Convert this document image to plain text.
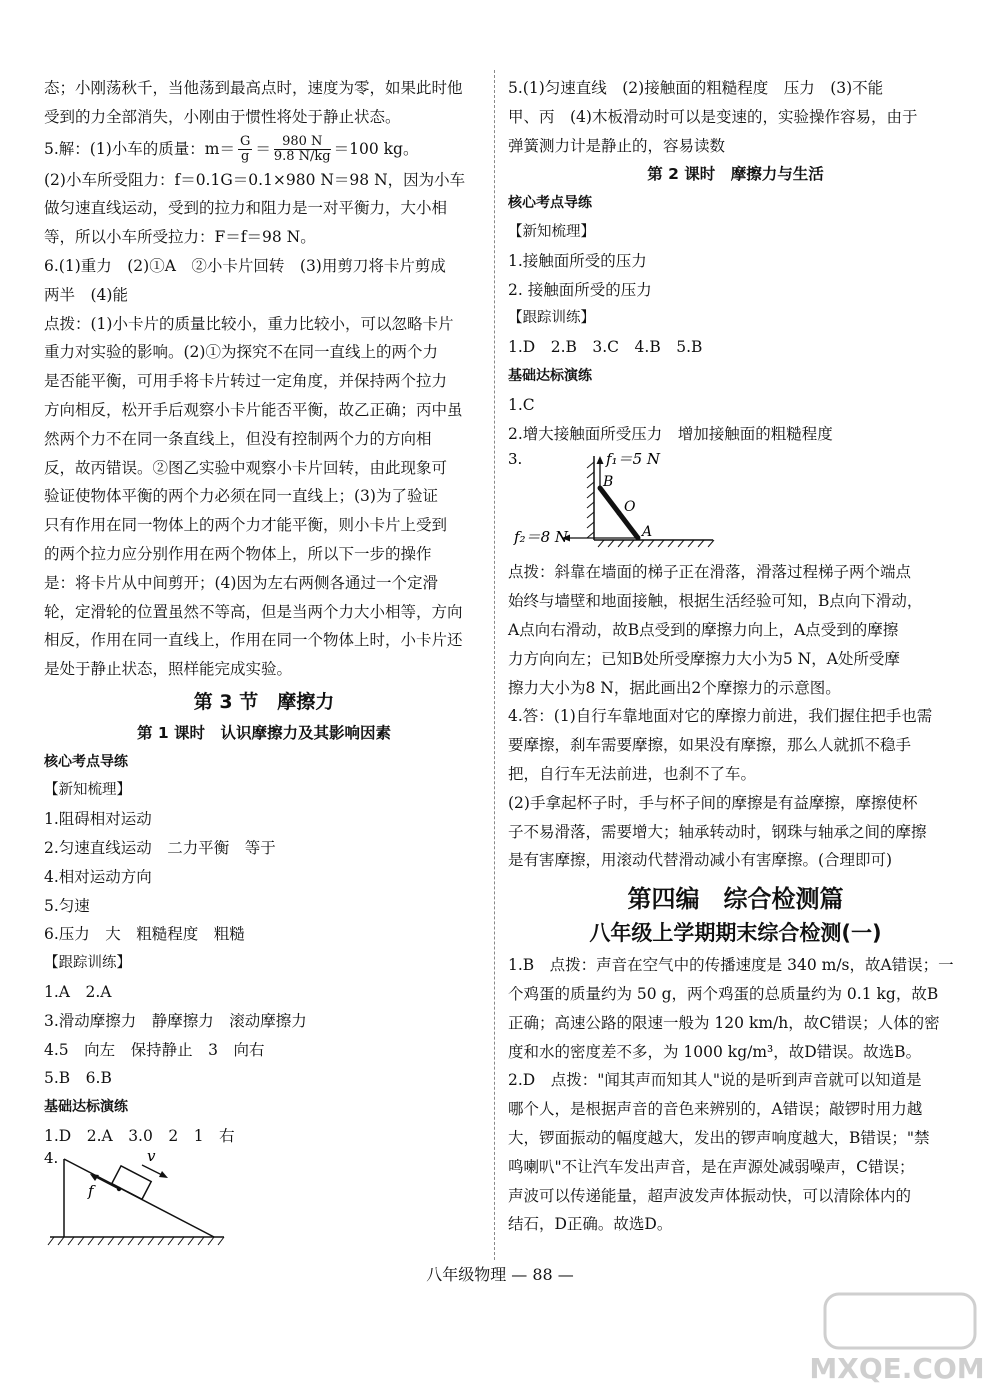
态；小刚荡秋千，当他荡到最高点时，速度为零，如果此时他

受到的力全部消失，小刚由于惯性将处于静止状态。

5.解：(1)小车的质量：$m= \frac{G}{g} = \frac{980 N}{9.8 N/kg} =100$ kg。

(2)小车所受阻力：f＝0.1G＝0.1×980 N＝98 N，因为小车

做匀速直线运动，受到的拉力和阻力是一对平衡力，大小相

等，所以小车所受拉力：F＝f＝98 N。

6.(1)重力　(2)①A　②小卡片回转　(3)用剪刀将卡片剪成

两半　(4)能

点拨：(1)小卡片的质量比较小，重力比较小，可以忽略卡片

重力对实验的影响。(2)①为探究不在同一直线上的两个力

是否能平衡，可用手将卡片转过一定角度，并保持两个拉力

方向相反，松开手后观察小卡片能否平衡，故乙正确；丙中虽

然两个力不在同一条直线上，但没有控制两个力的方向相

反，故丙错误。②图乙实验中观察小卡片回转，由此现象可

验证使物体平衡的两个力必须在同一直线上；(3)为了验证

只有作用在同一物体上的两个力才能平衡，则小卡片上受到

的两个拉力应分别作用在两个物体上，所以下一步的操作

是：将卡片从中间剪开；(4)因为左右两侧各通过一个定滑

轮，定滑轮的位置虽然不等高，但是当两个力大小相等，方向

相反，作用在同一直线上，作用在同一个物体上时，小卡片还

是处于静止状态，照样能完成实验。

第 3 节　摩擦力

第 1 课时　认识摩擦力及其影响因素

核心考点导练

【新知梳理】

1.阻碍相对运动

2.匀速直线运动　二力平衡　等于

4.相对运动方向

5.匀速

6.压力　大　粗糙程度　粗糙

【跟踪训练】

1.A　2.A

3.滑动摩擦力　静摩擦力　滚动摩擦力

4.5　向左　保持静止　3　向右

5.B　6.B

基础达标演练

1.D　2.A　3.0　2　1　右

4.
f
v

5.(1)匀速直线　(2)接触面的粗糙程度　压力　(3)不能

甲、丙　(4)木板滑动时可以是变速的，实验操作容易，由于

弹簧测力计是静止的，容易读数

第 2 课时　摩擦力与生活

核心考点导练

【新知梳理】

1.接触面所受的压力

2. 接触面所受的压力

【跟踪训练】

1.D　2.B　3.C　4.B　5.B

基础达标演练

1.C

2.增大接触面所受压力　增加接触面的粗糙程度

3.	f₁＝5 N
f₂＝8 N
B
O
A

点拨：斜靠在墙面的梯子正在滑落，滑落过程梯子两个端点

始终与墙壁和地面接触，根据生活经验可知，B点向下滑动，

A点向右滑动，故B点受到的摩擦力向上，A点受到的摩擦

力方向向左；已知B处所受摩擦力大小为5 N，A处所受摩

擦力大小为8 N，据此画出2个摩擦力的示意图。

4.答：(1)自行车靠地面对它的摩擦力前进，我们握住把手也需

要摩擦，刹车需要摩擦，如果没有摩擦，那么人就抓不稳手

把，自行车无法前进，也刹不了车。

(2)手拿起杯子时，手与杯子间的摩擦是有益摩擦，摩擦使杯

子不易滑落，需要增大；轴承转动时，钢珠与轴承之间的摩擦

是有害摩擦，用滚动代替滑动减小有害摩擦。(合理即可)

第四编　综合检测篇

八年级上学期期末综合检测(一)

1.B　点拨：声音在空气中的传播速度是 340 m/s，故A错误；一

个鸡蛋的质量约为 50 g，两个鸡蛋的总质量约为 0.1 kg，故B

正确；高速公路的限速一般为 120 km/h，故C错误；人体的密

度和水的密度差不多，为 1000 kg/m³，故D错误。故选B。

2.D　点拨："闻其声而知其人"说的是听到声音就可以知道是

哪个人，是根据声音的音色来辨别的，A错误；敲锣时用力越

大，锣面振动的幅度越大，发出的锣声响度越大，B错误；"禁

鸣喇叭"不让汽车发出声音，是在声源处减弱噪声，C错误；

声波可以传递能量，超声波发声体振动快，可以清除体内的

结石，D正确。故选D。

八年级物理 — 88 —
MXQE.COM
